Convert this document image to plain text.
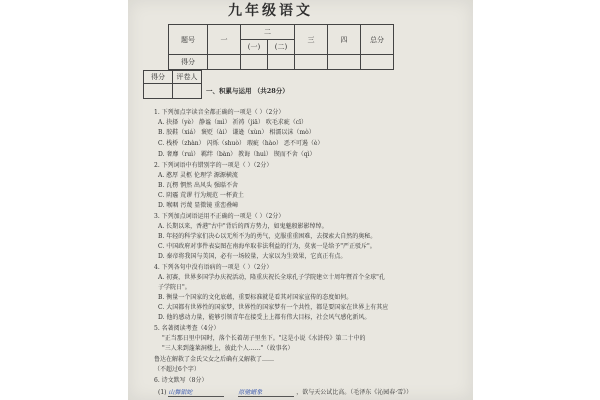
九年级语文
题号	一	二		三	四	总分
		(一)	(二)			
得分						
得分	评卷人

一、积累与运用 （共28分）
1. 下列加点字读音全都正确的一项是（ ）（2分）
A. 抉择（yè） 静谧（mì） 祈祷（jiā） 吹毛求疵（cī）
B. 胶鞋（xiá） 褒贬（ài） 谦逊（xùn） 相濡以沫（mò）
C. 栈桥（zhàn） 闪烁（shuò） 瑕疵（hào） 恶不可遏（è）
D. 奢靡（ruì） 羁绊（bàn） 教诲（huì） 锲而不舍（qì）
2. 下列词语中有错别字的一项是（ ）（2分）
A. 憨厚 灵柩 伦理学 源源横流
B. 瓦楞 惘然 出风头 强聒不舍
C. 阴霾 荒谬 行为规范 一杯黄土
D. 喉咽 污蔑 显微镜 重峦叠嶂
3. 下列加点词语运用不正确的一项是（ ）（2分）
A. 长期以来，香港"古中"背后的西方势力，如鬼魅般影影绰绰。
B. 年轻的科学家们决心以无所不为的勇气，克服重重困难，去探索大自然的奥秘。
C. 中国政府对事件表妄图在南海牟取非法利益的行为，莫衷一是给予"严正驳斥"。
D. 秦帝将我国与美国，必有一场较量，大家以为生效果，它真正有点。
4. 下列各句中没有语病的一项是（ ）（2分）
A. 初赛，世界多国学办庆祝活动，隆重庆祝长全球孔子学院建立十周年暨首个全球"孔
子学院日"。
B. 衡量一个国家的文化底蕴，重要标准就是看其对国家宣传的态度如何。
C. 大国都有世界性的国家梦，世界性的国家梦有一个共性，都是要国家在世界上有其应
D. 他的感动力量，能够引领青年在接受上上都有伟大目标，社会风气感化新风。
5. 名著阅读考查（4分）
"正当那日里中国时，落个长着胡子里坐下。"这是小说《水浒传》第二十中的
"三人来到蓬莱洞楼上，彼此个人……"（故事名）
鲁达在解救了金氏父女之后确有义解救了……
（不超过6个字）
6. 诗文默写（8分）
(1) 山舞银蛇	原驰蜡象	，欲与天公试比高。（毛泽东《沁园春·雪》）
